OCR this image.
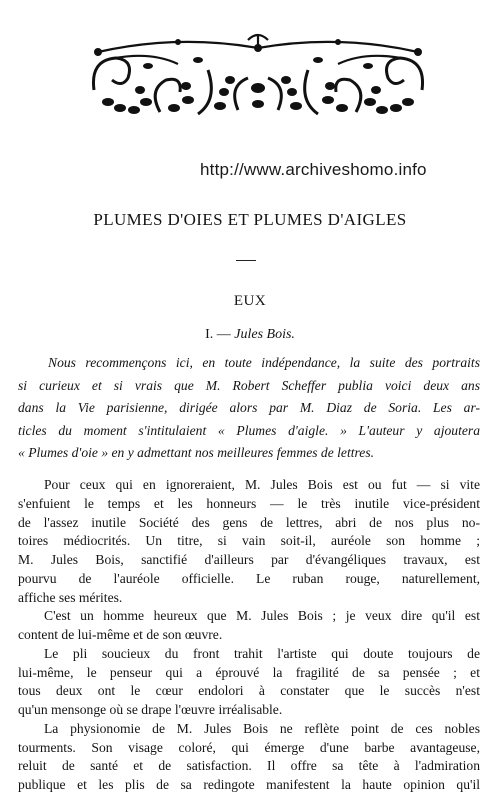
http://www.archiveshomo.info
PLUMES D'OIES ET PLUMES D'AIGLES
EUX
I. — Jules Bois.
Nous recommençons ici, en toute indépendance, la suite des portraits
si curieux et si vrais que M. Robert Scheffer publia voici deux ans
dans la Vie parisienne, dirigée alors par M. Diaz de Soria. Les ar-
ticles du moment s'intitulaient « Plumes d'aigle. » L'auteur y ajoutera
« Plumes d'oie » en y admettant nos meilleures femmes de lettres.
Pour ceux qui en ignoreraient, M. Jules Bois est ou fut — si vite
s'enfuient le temps et les honneurs — le très inutile vice-président
de l'assez inutile Société des gens de lettres, abri de nos plus no-
toires médiocrités. Un titre, si vain soit-il, auréole son homme ;
M. Jules Bois, sanctifié d'ailleurs par d'évangéliques travaux, est
pourvu de l'auréole officielle. Le ruban rouge, naturellement,
affiche ses mérites.
C'est un homme heureux que M. Jules Bois ; je veux dire qu'il est
content de lui-même et de son œuvre.
Le pli soucieux du front trahit l'artiste qui doute toujours de
lui-même, le penseur qui a éprouvé la fragilité de sa pensée ; et
tous deux ont le cœur endolori à constater que le succès n'est
qu'un mensonge où se drape l'œuvre irréalisable.
La physionomie de M. Jules Bois ne reflète point de ces nobles
tourments. Son visage coloré, qui émerge d'une barbe avantageuse,
reluit de santé et de satisfaction. Il offre sa tête à l'admiration
publique et les plis de sa redingote manifestent la haute opinion qu'il
